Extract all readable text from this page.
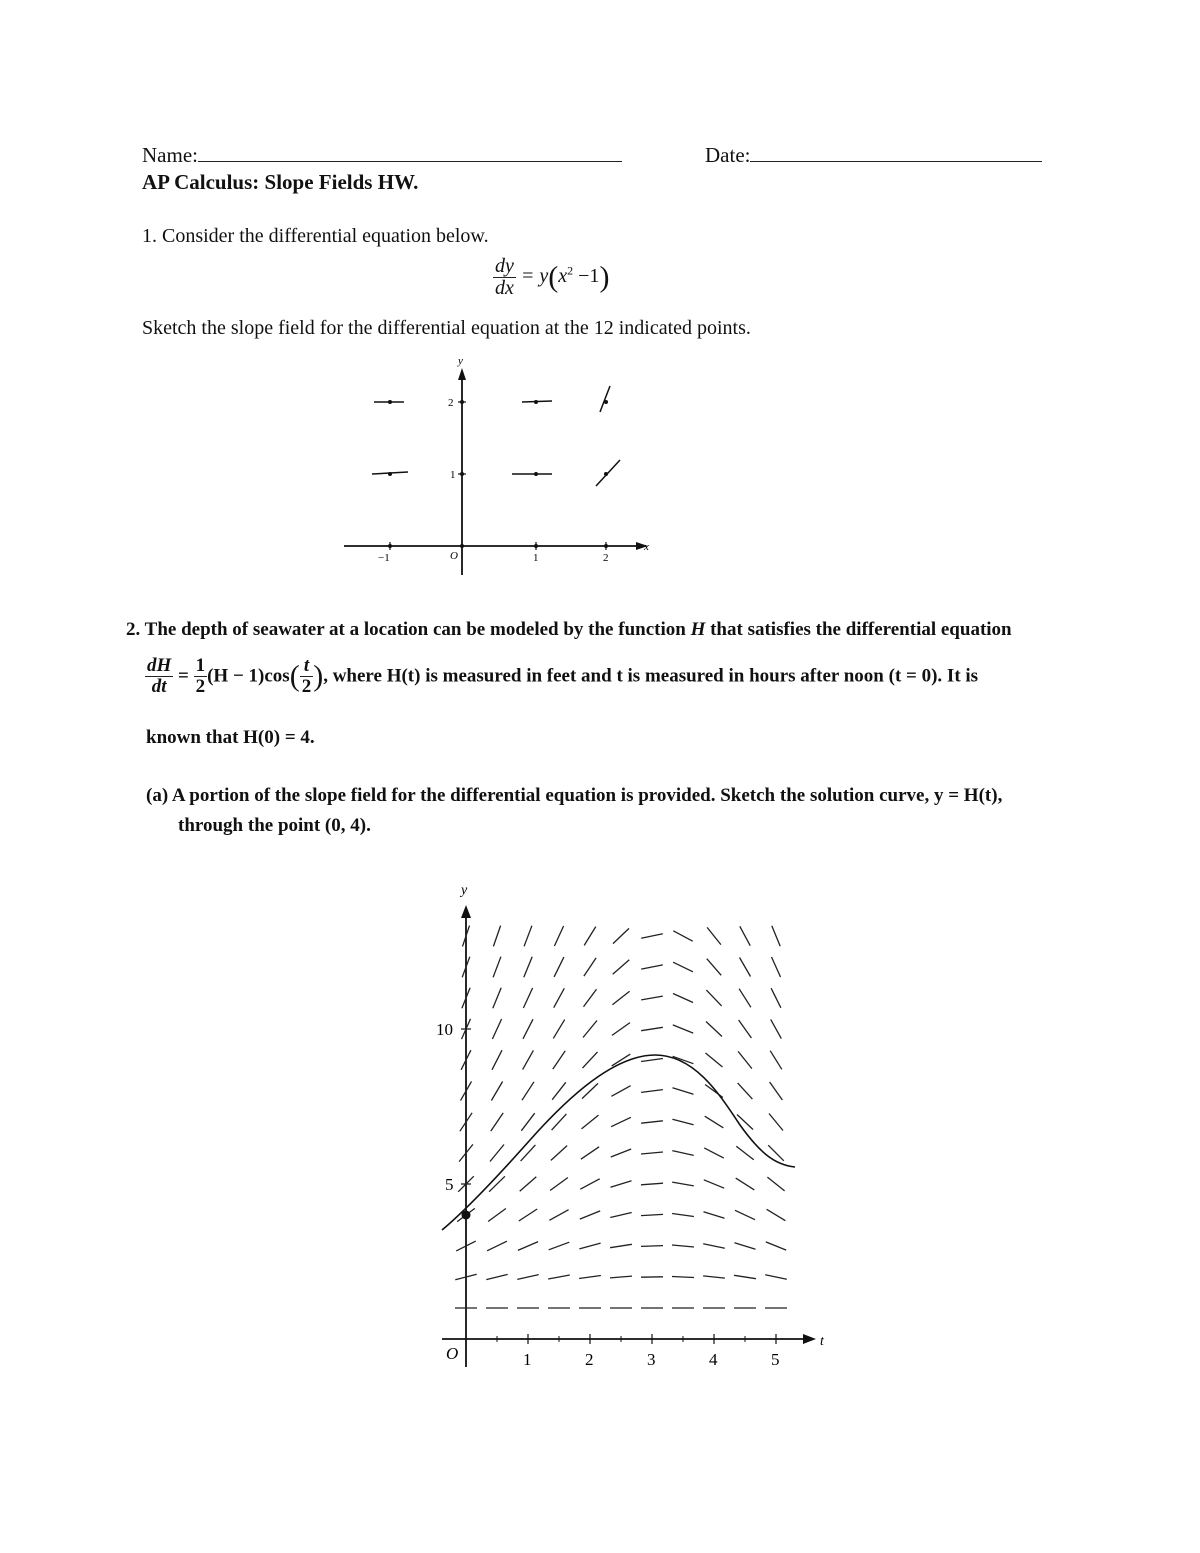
Name:	Date:
AP Calculus: Slope Fields HW.
1. Consider the differential equation below.
$\frac{dy}{dx} = y(x^2 -1)$
Sketch the slope field for the differential equation at the 12 indicated points.
x
y
O
−1	1	2
1
2
2. The depth of seawater at a location can be modeled by the function H that satisfies the differential equation
$\frac{dH}{dt} = \frac{1}{2} (H - 1)\cos( \frac{t}{2}$ ), where H(t) is measured in feet and t is measured in hours after noon (t = 0). It is
known that H(0) = 4.
(a) A portion of the slope field for the differential equation is provided. Sketch the solution curve, y = H(t),
through the point (0, 4).
t
y
O	1	2	3	4	5
5
10
